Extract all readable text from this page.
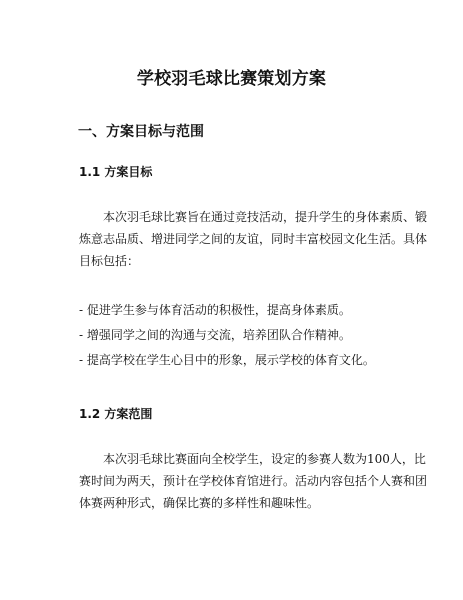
学校羽毛球比赛策划方案
一、方案目标与范围
1.1 方案目标
本次羽毛球比赛旨在通过竞技活动，提升学生的身体素质、锻
炼意志品质、增进同学之间的友谊，同时丰富校园文化生活。具体
目标包括：
- 促进学生参与体育活动的积极性，提高身体素质。
- 增强同学之间的沟通与交流，培养团队合作精神。
- 提高学校在学生心目中的形象，展示学校的体育文化。
1.2 方案范围
本次羽毛球比赛面向全校学生，设定的参赛人数为100人，比
赛时间为两天，预计在学校体育馆进行。活动内容包括个人赛和团
体赛两种形式，确保比赛的多样性和趣味性。
